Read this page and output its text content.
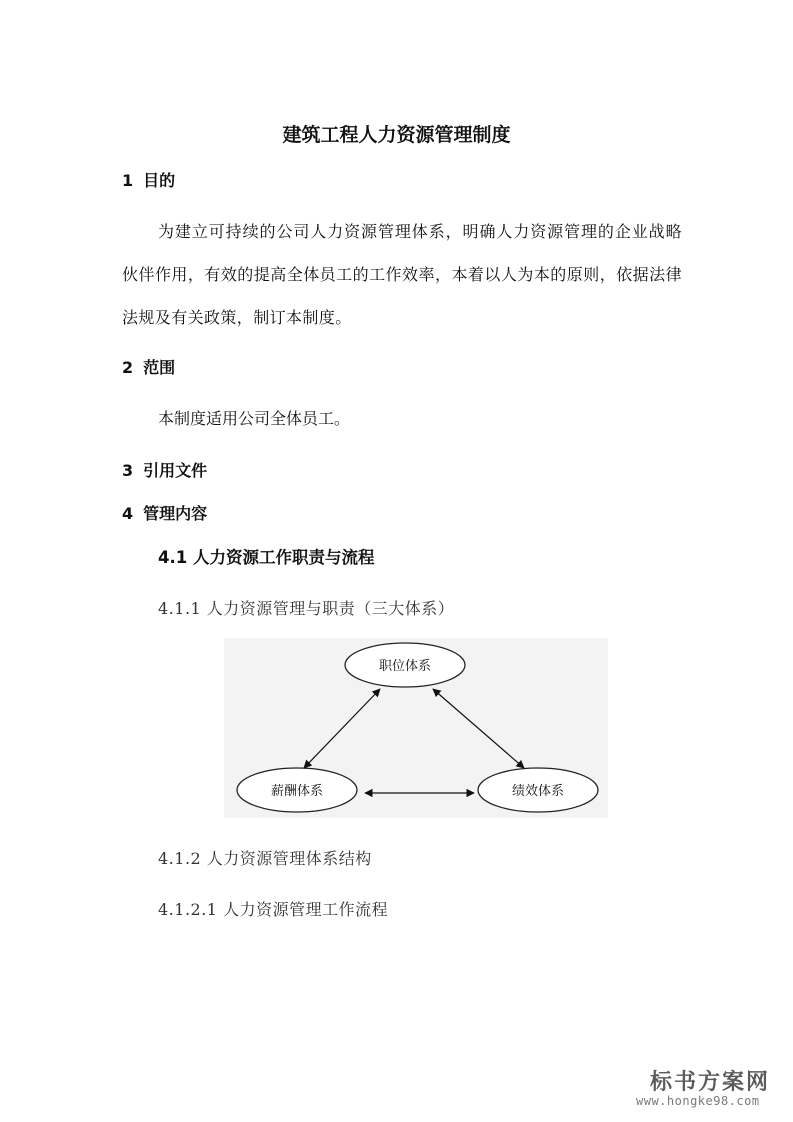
建筑工程人力资源管理制度
1 目的
为建立可持续的公司人力资源管理体系，明确人力资源管理的企业战略伙伴作用，有效的提高全体员工的工作效率，本着以人为本的原则，依据法律法规及有关政策，制订本制度。
2 范围
本制度适用公司全体员工。
3 引用文件
4 管理内容
4.1 人力资源工作职责与流程
4.1.1 人力资源管理与职责（三大体系）
职位体系
薪酬体系	绩效体系
4.1.2 人力资源管理体系结构
4.1.2.1 人力资源管理工作流程
标书方案网
www.hongke98.com
